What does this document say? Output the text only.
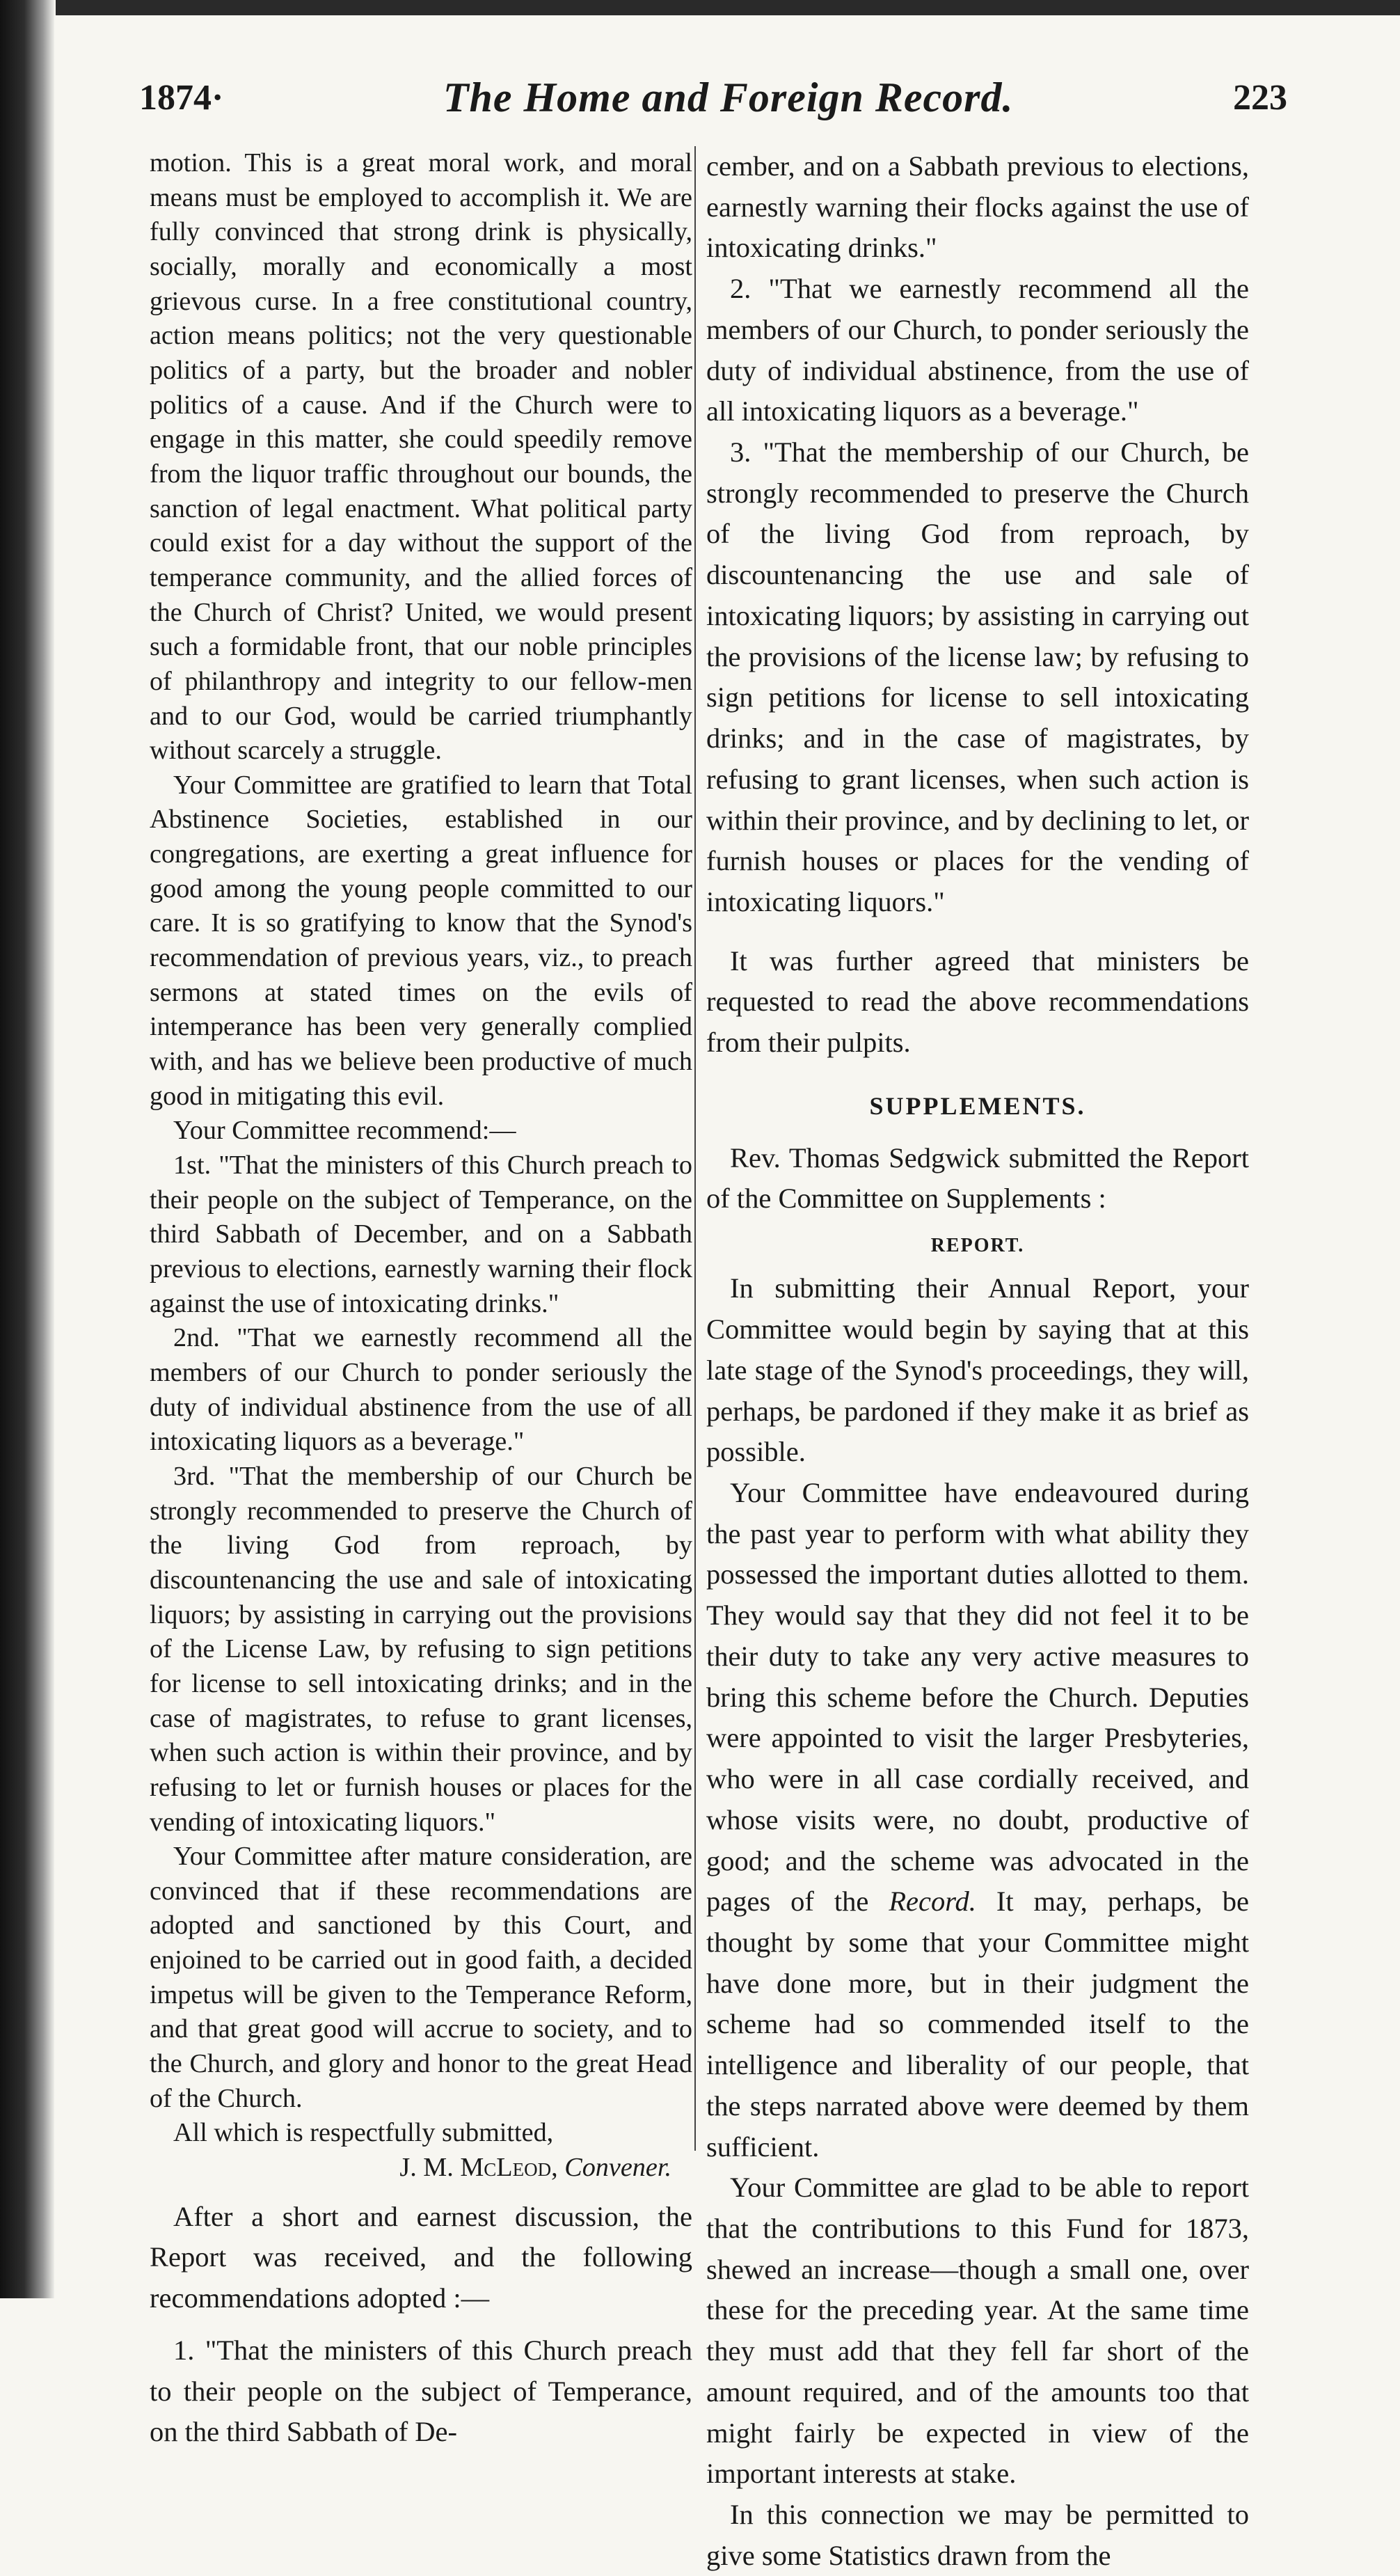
1874·	The Home and Foreign Record.	223

motion. This is a great moral work, and moral means must be employed to accomplish it. We are fully convinced that strong drink is physically, socially, morally and economically a most grievous curse. In a free constitutional country, action means politics; not the very questionable politics of a party, but the broader and nobler politics of a cause. And if the Church were to engage in this matter, she could speedily remove from the liquor traffic throughout our bounds, the sanction of legal enactment. What political party could exist for a day without the support of the temperance community, and the allied forces of the Church of Christ? United, we would present such a formidable front, that our noble principles of philanthropy and integrity to our fellow-men and to our God, would be carried triumphantly without scarcely a struggle.

Your Committee are gratified to learn that Total Abstinence Societies, established in our congregations, are exerting a great influence for good among the young people committed to our care. It is so gratifying to know that the Synod's recommendation of previous years, viz., to preach sermons at stated times on the evils of intemperance has been very generally complied with, and has we believe been productive of much good in mitigating this evil.

Your Committee recommend:—

1st. "That the ministers of this Church preach to their people on the subject of Temperance, on the third Sabbath of December, and on a Sabbath previous to elections, earnestly warning their flock against the use of intoxicating drinks."

2nd. "That we earnestly recommend all the members of our Church to ponder seriously the duty of individual abstinence from the use of all intoxicating liquors as a beverage."

3rd. "That the membership of our Church be strongly recommended to preserve the Church of the living God from reproach, by discountenancing the use and sale of intoxicating liquors; by assisting in carrying out the provisions of the License Law, by refusing to sign petitions for license to sell intoxicating drinks; and in the case of magistrates, to refuse to grant licenses, when such action is within their province, and by refusing to let or furnish houses or places for the vending of intoxicating liquors."

Your Committee after mature consideration, are convinced that if these recommendations are adopted and sanctioned by this Court, and enjoined to be carried out in good faith, a decided impetus will be given to the Temperance Reform, and that great good will accrue to society, and to the Church, and glory and honor to the great Head of the Church.

All which is respectfully submitted,

J. M. McLeod, Convener.

After a short and earnest discussion, the Report was received, and the following recommendations adopted :—

1. "That the ministers of this Church preach to their people on the subject of Temperance, on the third Sabbath of De-

cember, and on a Sabbath previous to elections, earnestly warning their flocks against the use of intoxicating drinks."

2. "That we earnestly recommend all the members of our Church, to ponder seriously the duty of individual abstinence, from the use of all intoxicating liquors as a beverage."

3. "That the membership of our Church, be strongly recommended to preserve the Church of the living God from reproach, by discountenancing the use and sale of intoxicating liquors; by assisting in carrying out the provisions of the license law; by refusing to sign petitions for license to sell intoxicating drinks; and in the case of magistrates, by refusing to grant licenses, when such action is within their province, and by declining to let, or furnish houses or places for the vending of intoxicating liquors."

It was further agreed that ministers be requested to read the above recommendations from their pulpits.

SUPPLEMENTS.

Rev. Thomas Sedgwick submitted the Report of the Committee on Supplements :

REPORT.

In submitting their Annual Report, your Committee would begin by saying that at this late stage of the Synod's proceedings, they will, perhaps, be pardoned if they make it as brief as possible.

Your Committee have endeavoured during the past year to perform with what ability they possessed the important duties allotted to them. They would say that they did not feel it to be their duty to take any very active measures to bring this scheme before the Church. Deputies were appointed to visit the larger Presbyteries, who were in all case cordially received, and whose visits were, no doubt, productive of good; and the scheme was advocated in the pages of the Record. It may, perhaps, be thought by some that your Committee might have done more, but in their judgment the scheme had so commended itself to the intelligence and liberality of our people, that the steps narrated above were deemed by them sufficient.

Your Committee are glad to be able to report that the contributions to this Fund for 1873, shewed an increase—though a small one, over these for the preceding year. At the same time they must add that they fell far short of the amount required, and of the amounts too that might fairly be expected in view of the important interests at stake.

In this connection we may be permitted to give some Statistics drawn from the
